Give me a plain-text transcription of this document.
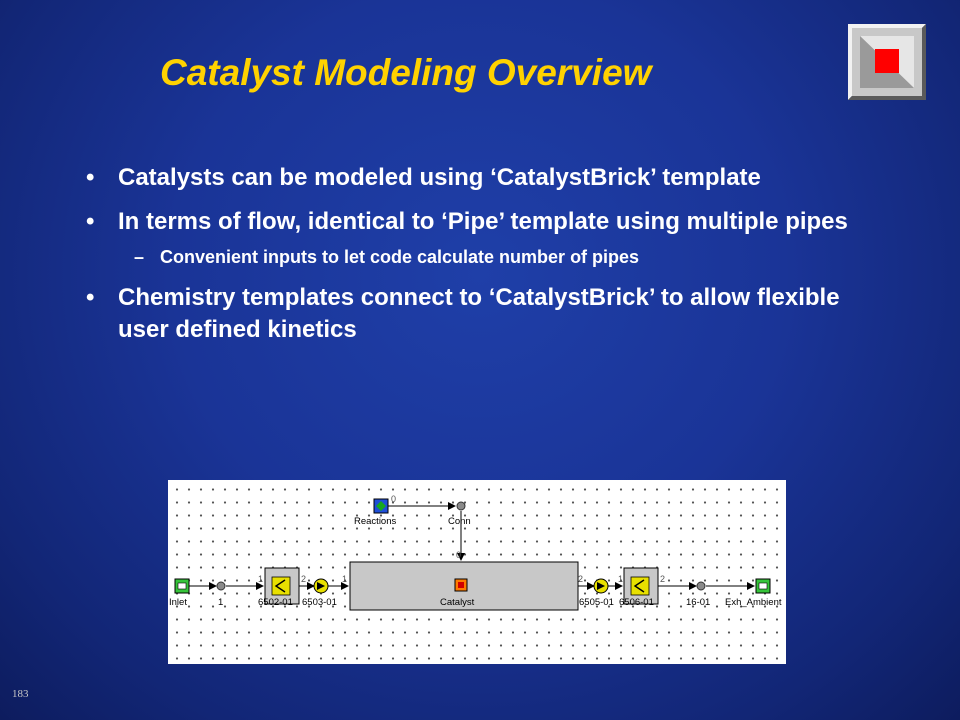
Catalyst Modeling Overview
• Catalysts can be modeled using ‘CatalystBrick’ template
• In terms of flow, identical to ‘Pipe’ template using multiple pipes
– Convenient inputs to let code calculate number of pipes
• Chemistry templates connect to ‘CatalystBrick’ to allow flexible user defined kinetics
0
0
1	2	1	2	1	2
Reactions	Conn
Inlet	1	6502-01 6503-01	Catalyst	6505-01 6506-01	16-01 Exh_Ambient
183
